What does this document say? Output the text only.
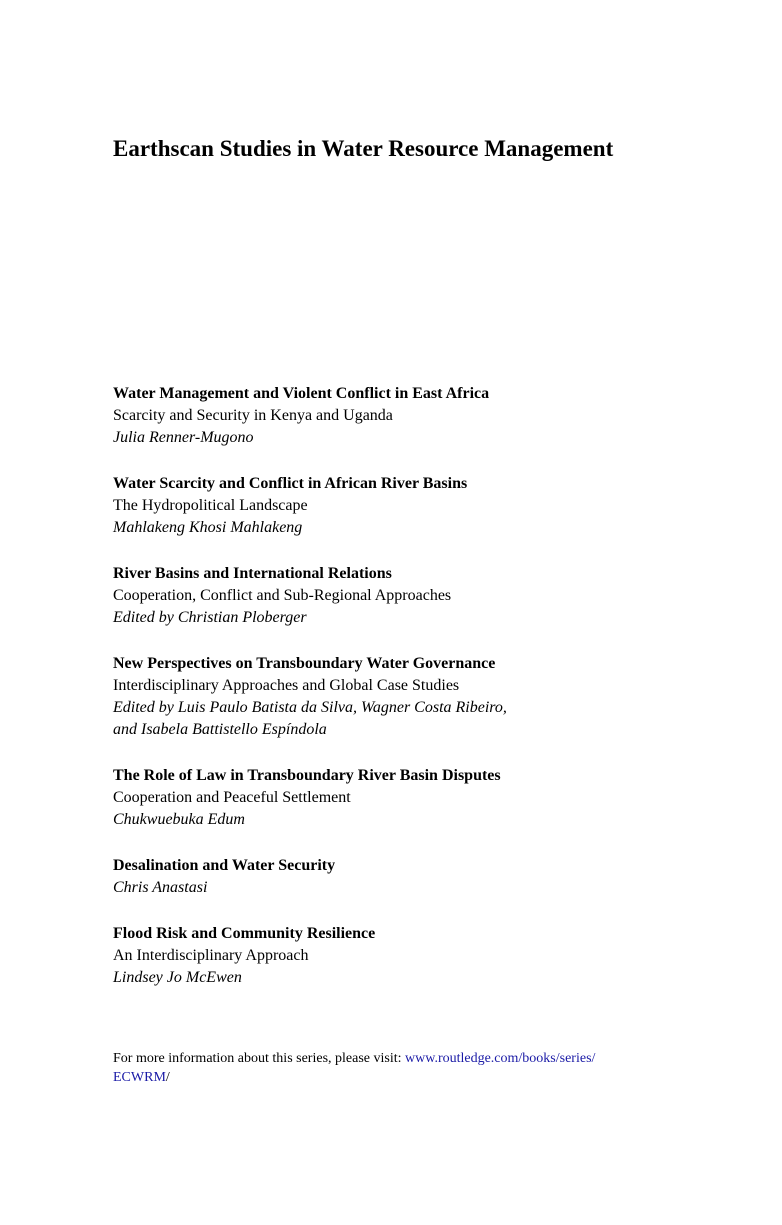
Earthscan Studies in Water Resource Management
Water Management and Violent Conflict in East Africa
Scarcity and Security in Kenya and Uganda
Julia Renner-Mugono
Water Scarcity and Conflict in African River Basins
The Hydropolitical Landscape
Mahlakeng Khosi Mahlakeng
River Basins and International Relations
Cooperation, Conflict and Sub-Regional Approaches
Edited by Christian Ploberger
New Perspectives on Transboundary Water Governance
Interdisciplinary Approaches and Global Case Studies
Edited by Luis Paulo Batista da Silva, Wagner Costa Ribeiro,
and Isabela Battistello Espíndola
The Role of Law in Transboundary River Basin Disputes
Cooperation and Peaceful Settlement
Chukwuebuka Edum
Desalination and Water Security
Chris Anastasi
Flood Risk and Community Resilience
An Interdisciplinary Approach
Lindsey Jo McEwen
For more information about this series, please visit: www.routledge.com/books/series/
ECWRM/
